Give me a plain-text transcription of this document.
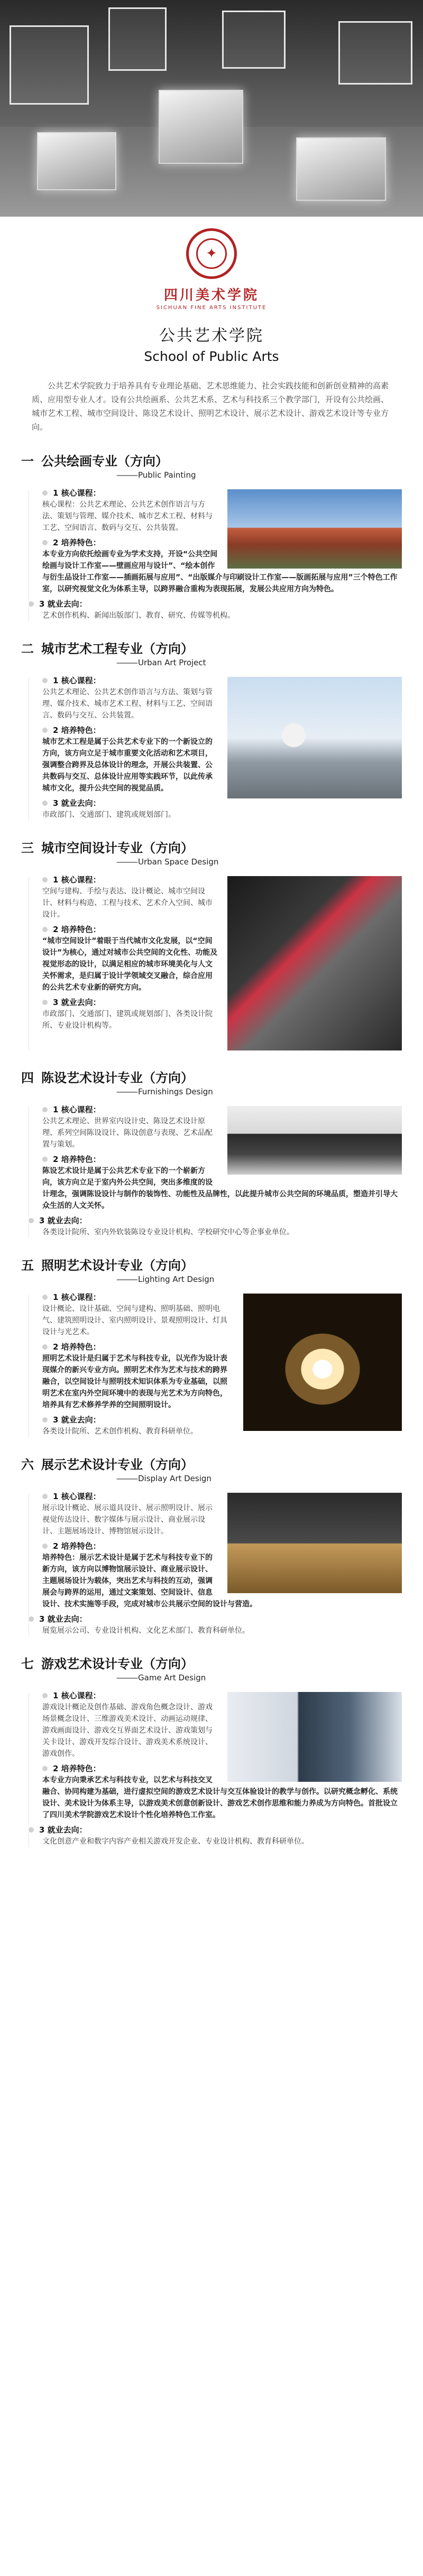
✦
四川美术学院
SICHUAN FINE ARTS INSTITUTE
公共艺术学院
School of Public Arts
公共艺术学院致力于培养具有专业理论基础、艺术思维能力、社会实践技能和创新创业精神的高素质、应用型专业人才。设有公共绘画系、公共艺术系、艺术与科技系三个教学部门，开设有公共绘画、城市艺术工程、城市空间设计、陈设艺术设计、照明艺术设计、展示艺术设计、游戏艺术设计等专业方向。
一 公共绘画专业（方向）
——— Public Painting
1 核心课程：
核心课程：公共艺术理论、公共艺术创作语言与方法、策划与管理、媒介技术、城市艺术工程、材料与工艺、空间语言、数码与交互、公共装置。
2 培养特色：
本专业方向依托绘画专业为学术支持，开设“公共空间绘画与设计工作室——壁画应用与设计”、“绘本创作与衍生品设计工作室——插画拓展与应用”、“出版媒介与印刷设计工作室——版画拓展与应用”三个特色工作室，以研究视觉文化为体系主导，以跨界融合重构为表现拓展，发展公共应用方向为特色。
3 就业去向：
艺术创作机构、新闻出版部门、教育、研究、传媒等机构。
二 城市艺术工程专业（方向）
——— Urban Art Project
1 核心课程：
公共艺术理论、公共艺术创作语言与方法、策划与管理、媒介技术、城市艺术工程、材料与工艺、空间语言、数码与交互、公共装置。
2 培养特色：
城市艺术工程是属于公共艺术专业下的一个新设立的方向，该方向立足于城市重要文化活动和艺术项目，强调整合跨界及总体设计的理念，开展公共装置、公共数码与交互、总体设计应用等实践环节，以此传承城市文化，提升公共空间的视觉品质。
3 就业去向：
市政部门、交通部门、建筑或规划部门。
三 城市空间设计专业（方向）
——— Urban Space Design
1 核心课程：
空间与建构、手绘与表达、设计概论、城市空间设计、材料与构造、工程与技术、艺术介入空间、城市设计。
2 培养特色：
“城市空间设计”着眼于当代城市文化发展，以“空间设计”为核心，通过对城市公共空间的文化性、功能及视觉形态的设计，以满足相应的城市环境美化与人文关怀需求，是归属于设计学领域交叉融合，综合应用的公共艺术专业新的研究方向。
3 就业去向：
市政部门、交通部门、建筑或规划部门、各类设计院所、专业设计机构等。
四 陈设艺术设计专业（方向）
——— Furnishings Design
1 核心课程：
公共艺术理论、世界室内设计史、陈设艺术设计原理、系列空间陈设设计、陈设创意与表现、艺术品配置与策划。
2 培养特色：
陈设艺术设计是属于公共艺术专业下的一个崭新方向，该方向立足于室内外公共空间，突出多维度的设计理念，强调陈设设计与制作的装饰性、功能性及品牌性，以此提升城市公共空间的环境品质，塑造并引导大众生活的人文关怀。
3 就业去向：
各类设计院所、室内外软装陈设专业设计机构、学校研究中心等企事业单位。
五 照明艺术设计专业（方向）
——— Lighting Art Design
1 核心课程：
设计概论、设计基础、空间与建构、照明基础、照明电气、建筑照明设计、室内照明设计、景观照明设计、灯具设计与光艺术。
2 培养特色：
照明艺术设计是归属于艺术与科技专业，以光作为设计表现媒介的新兴专业方向。照明艺术作为艺术与技术的跨界融合，以空间设计与照明技术知识体系为专业基础，以照明艺术在室内外空间环境中的表现与光艺术为方向特色，培养具有艺术修养学养的空间照明设计。
3 就业去向：
各类设计院所、艺术创作机构、教育科研单位。
六 展示艺术设计专业（方向）
——— Display Art Design
1 核心课程：
展示设计概论、展示道具设计、展示照明设计、展示视觉传达设计、数字媒体与展示设计、商业展示设计、主题展场设计、博物馆展示设计。
2 培养特色：
培养特色：展示艺术设计是属于艺术与科技专业下的新方向，该方向以博物馆展示设计、商业展示设计、主题展场设计为载体，突出艺术与科技的互动，强调展会与跨界的运用，通过文案策划、空间设计、信息设计、技术实施等手段，完成对城市公共展示空间的设计与营造。
3 就业去向：
展览展示公司、专业设计机构、文化艺术部门、教育科研单位。
七 游戏艺术设计专业（方向）
——— Game Art Design
1 核心课程：
游戏设计概论及创作基础、游戏角色概念设计、游戏场景概念设计、三维游戏美术设计、动画运动规律、游戏画面设计、游戏交互界面艺术设计、游戏策划与关卡设计、游戏开发综合设计、游戏美术系统设计、游戏创作。
2 培养特色：
本专业方向秉承艺术与科技专业，以艺术与科技交叉融合、协同构建为基础，进行虚拟空间的游戏艺术设计与交互体验设计的教学与创作。以研究概念孵化、系统设计、美术设计为体系主导，以游戏美术创意创新设计、游戏艺术创作思维和能力养成为方向特色。首批设立了四川美术学院游戏艺术设计个性化培养特色工作室。
3 就业去向：
文化创意产业和数字内容产业相关游戏开发企业、专业设计机构、教育科研单位。
